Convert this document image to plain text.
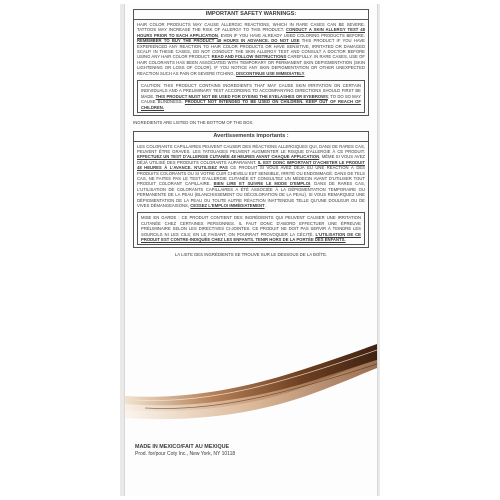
IMPORTANT SAFETY WARNINGS:
HAIR COLOR PRODUCTS MAY CAUSE ALLERGIC REACTIONS, WHICH IN RARE CASES CAN BE SEVERE. TATTOOS MAY INCREASE THE RISK OF ALLERGY TO THIS PRODUCT. CONDUCT A SKIN ALLERGY TEST 48 HOURS PRIOR TO EACH APPLICATION, EVEN IF YOU HAVE ALREADY USED COLORING PRODUCTS BEFORE. REMEMBER TO BUY THE PRODUCT 48 HOURS IN ADVANCE. DO NOT USE THIS PRODUCT IF YOU HAVE EXPERIENCED ANY REACTION TO HAIR COLOR PRODUCTS OR HAVE SENSITIVE, IRRITATED OR DAMAGED SCALP. IN THESE CASES, DO NOT CONDUCT THE SKIN ALLERGY TEST AND CONSULT A DOCTOR BEFORE USING ANY HAIR COLOR PRODUCT. READ AND FOLLOW INSTRUCTIONS CAREFULLY. IN RARE CASES, USE OF HAIR COLORANTS HAS BEEN ASSOCIATED WITH TEMPORARY OR PERMANENT SKIN DEPIGMENTATION (SKIN LIGHTENING OR LOSS OF COLOR). IF YOU NOTICE ANY SKIN DEPIGMENTATION OR OTHER UNEXPECTED REACTION SUCH AS PAIN OR SEVERE ITCHING, DISCONTINUE USE IMMEDIATELY.
CAUTION: THIS PRODUCT CONTAINS INGREDIENTS THAT MAY CAUSE SKIN IRRITATION ON CERTAIN INDIVIDUALS AND A PRELIMINARY TEST ACCORDING TO ACCOMPANYING DIRECTIONS SHOULD FIRST BE MADE. THIS PRODUCT MUST NOT BE USED FOR DYEING THE EYELASHES OR EYEBROWS; TO DO SO MAY CAUSE BLINDNESS. PRODUCT NOT INTENDED TO BE USED ON CHILDREN. KEEP OUT OF REACH OF CHILDREN.
INGREDIENTS ARE LISTED ON THE BOTTOM OF THE BOX.
Avertissements importants :
LES COLORANTS CAPILLAIRES PEUVENT CAUSER DES RÉACTIONS ALLERGIQUES QUI, DANS DE RARES CAS, PEUVENT ÊTRE GRAVES. LES TATOUAGES PEUVENT AUGMENTER LE RISQUE D'ALLERGIE À CE PRODUIT. EFFECTUEZ UN TEST D'ALLERGIE CUTANÉE 48 HEURES AVANT CHAQUE APPLICATION, MÊME SI VOUS AVEZ DÉJÀ UTILISÉ DES PRODUITS COLORANTS AUPARAVANT. IL EST DONC IMPORTANT D'ACHETER LE PRODUIT 48 HEURES À L'AVANCE. N'UTILISEZ PAS CE PRODUIT SI VOUS AVEZ DÉJÀ EU UNE RÉACTION À DES PRODUITS COLORANTS OU SI VOTRE CUIR CHEVELU EST SENSIBLE, IRRITÉ OU ENDOMMAGÉ. DANS DE TELS CAS, NE FAITES PAS LE TEST D'ALLERGIE CUTANÉE ET CONSULTEZ UN MÉDECIN AVANT D'UTILISER TOUT PRODUIT COLORANT CAPILLAIRE. BIEN LIRE ET SUIVRE LE MODE D'EMPLOI. DANS DE RARES CAS, L'UTILISATION DE COLORANTS CAPILLAIRES A ÉTÉ ASSOCIÉE À LA DÉPIGMENTATION TEMPORAIRE OU PERMANENTE DE LA PEAU (BLANCHISSEMENT OU DÉCOLORATION DE LA PEAU). SI VOUS REMARQUEZ UNE DÉPIGMENTATION DE LA PEAU OU TOUTE AUTRE RÉACTION INATTENDUE TELLE QU'UNE DOULEUR OU DE VIVES DÉMANGEAISONS, CESSEZ L'EMPLOI IMMÉDIATEMENT.
MISE EN GARDE : CE PRODUIT CONTIENT DES INGRÉDIENTS QUI PEUVENT CAUSER UNE IRRITATION CUTANÉE CHEZ CERTAINES PERSONNES. IL FAUT DONC D'ABORD EFFECTUER UNE ÉPREUVE PRÉLIMINAIRE SELON LES DIRECTIVES CI-JOINTES. CE PRODUIT NE DOIT PAS SERVIR À TEINDRE LES SOURCILS NI LES CILS; EN LE FAISANT, ON POURRAIT PROVOQUER LA CÉCITÉ. L'UTILISATION DE CE PRODUIT EST CONTRE-INDIQUÉE CHEZ LES ENFANTS. TENIR HORS DE LA PORTÉE DES ENFANTS.
LA LISTE DES INGRÉDIENTS SE TROUVE SUR LE DESSOUS DE LA BOÎTE.
MADE IN MEXICO/FAIT AU MEXIQUE
Prod. for/pour Coty Inc., New York, NY 10118
